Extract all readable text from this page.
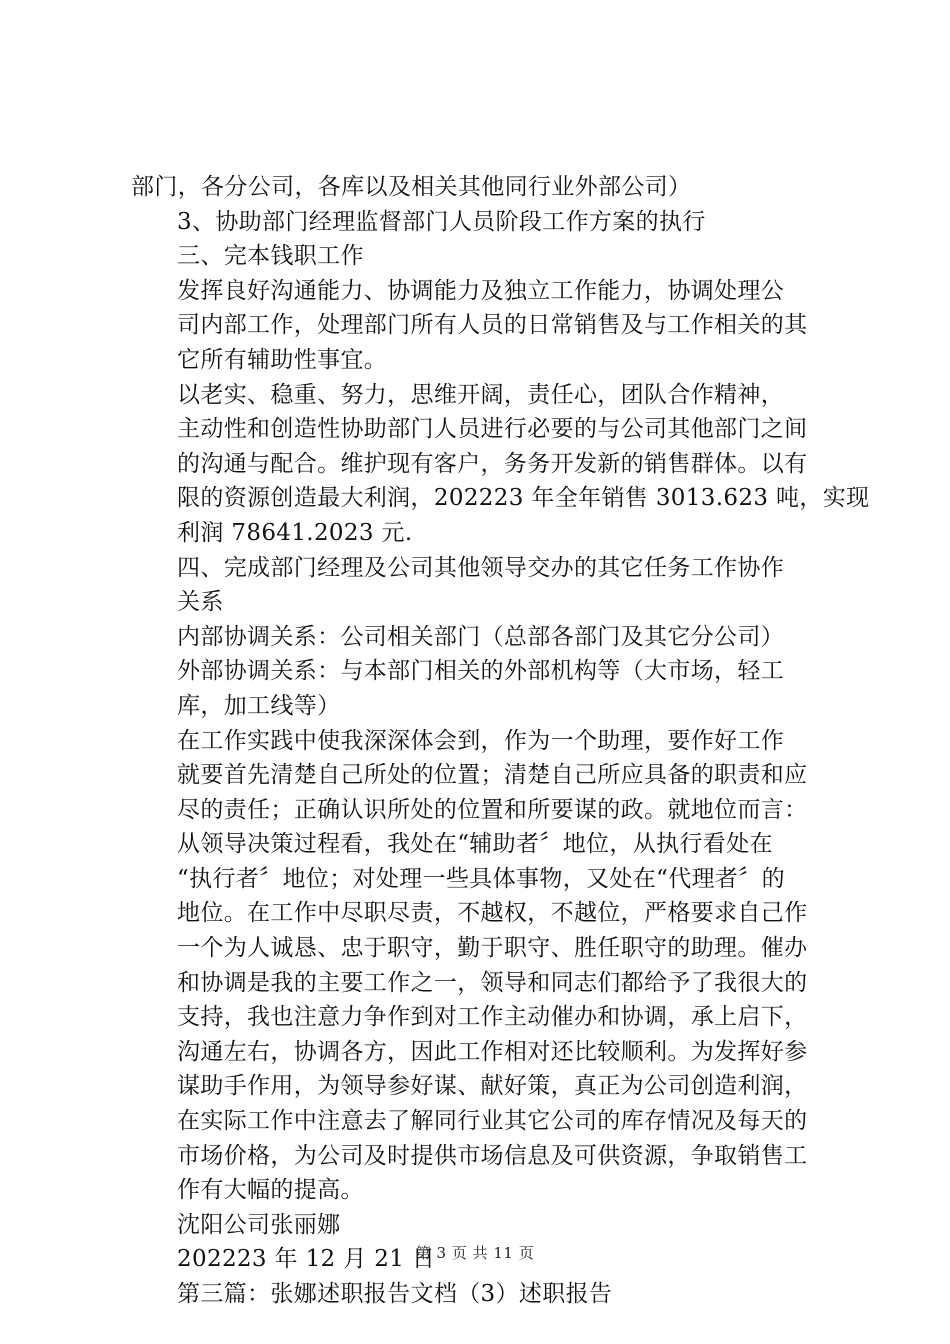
部门，各分公司，各库以及相关其他同行业外部公司）
3、协助部门经理监督部门人员阶段工作方案的执行
三、完本钱职工作
发挥良好沟通能力、协调能力及独立工作能力，协调处理公
司内部工作，处理部门所有人员的日常销售及与工作相关的其
它所有辅助性事宜。
以老实、稳重、努力，思维开阔，责任心，团队合作精神，
主动性和创造性协助部门人员进行必要的与公司其他部门之间
的沟通与配合。维护现有客户，务务开发新的销售群体。以有
限的资源创造最大利润，202223 年全年销售 3013.623 吨，实现
利润 78641.2023 元.
四、完成部门经理及公司其他领导交办的其它任务工作协作
关系
内部协调关系：公司相关部门（总部各部门及其它分公司）
外部协调关系：与本部门相关的外部机构等（大市场，轻工
库，加工线等）
在工作实践中使我深深体会到，作为一个助理，要作好工作
就要首先清楚自己所处的位置；清楚自己所应具备的职责和应
尽的责任；正确认识所处的位置和所要谋的政。就地位而言：
从领导决策过程看，我处在“辅助者〞地位，从执行看处在
“执行者〞地位；对处理一些具体事物，又处在“代理者〞的
地位。在工作中尽职尽责，不越权，不越位，严格要求自己作
一个为人诚恳、忠于职守，勤于职守、胜任职守的助理。催办
和协调是我的主要工作之一，领导和同志们都给予了我很大的
支持，我也注意力争作到对工作主动催办和协调，承上启下，
沟通左右，协调各方，因此工作相对还比较顺利。为发挥好参
谋助手作用，为领导参好谋、献好策，真正为公司创造利润，
在实际工作中注意去了解同行业其它公司的库存情况及每天的
市场价格，为公司及时提供市场信息及可供资源，争取销售工
作有大幅的提高。
沈阳公司张丽娜
202223 年 12 月 21 日
第三篇：张娜述职报告文档（3）述职报告
第 3 页 共 11 页
